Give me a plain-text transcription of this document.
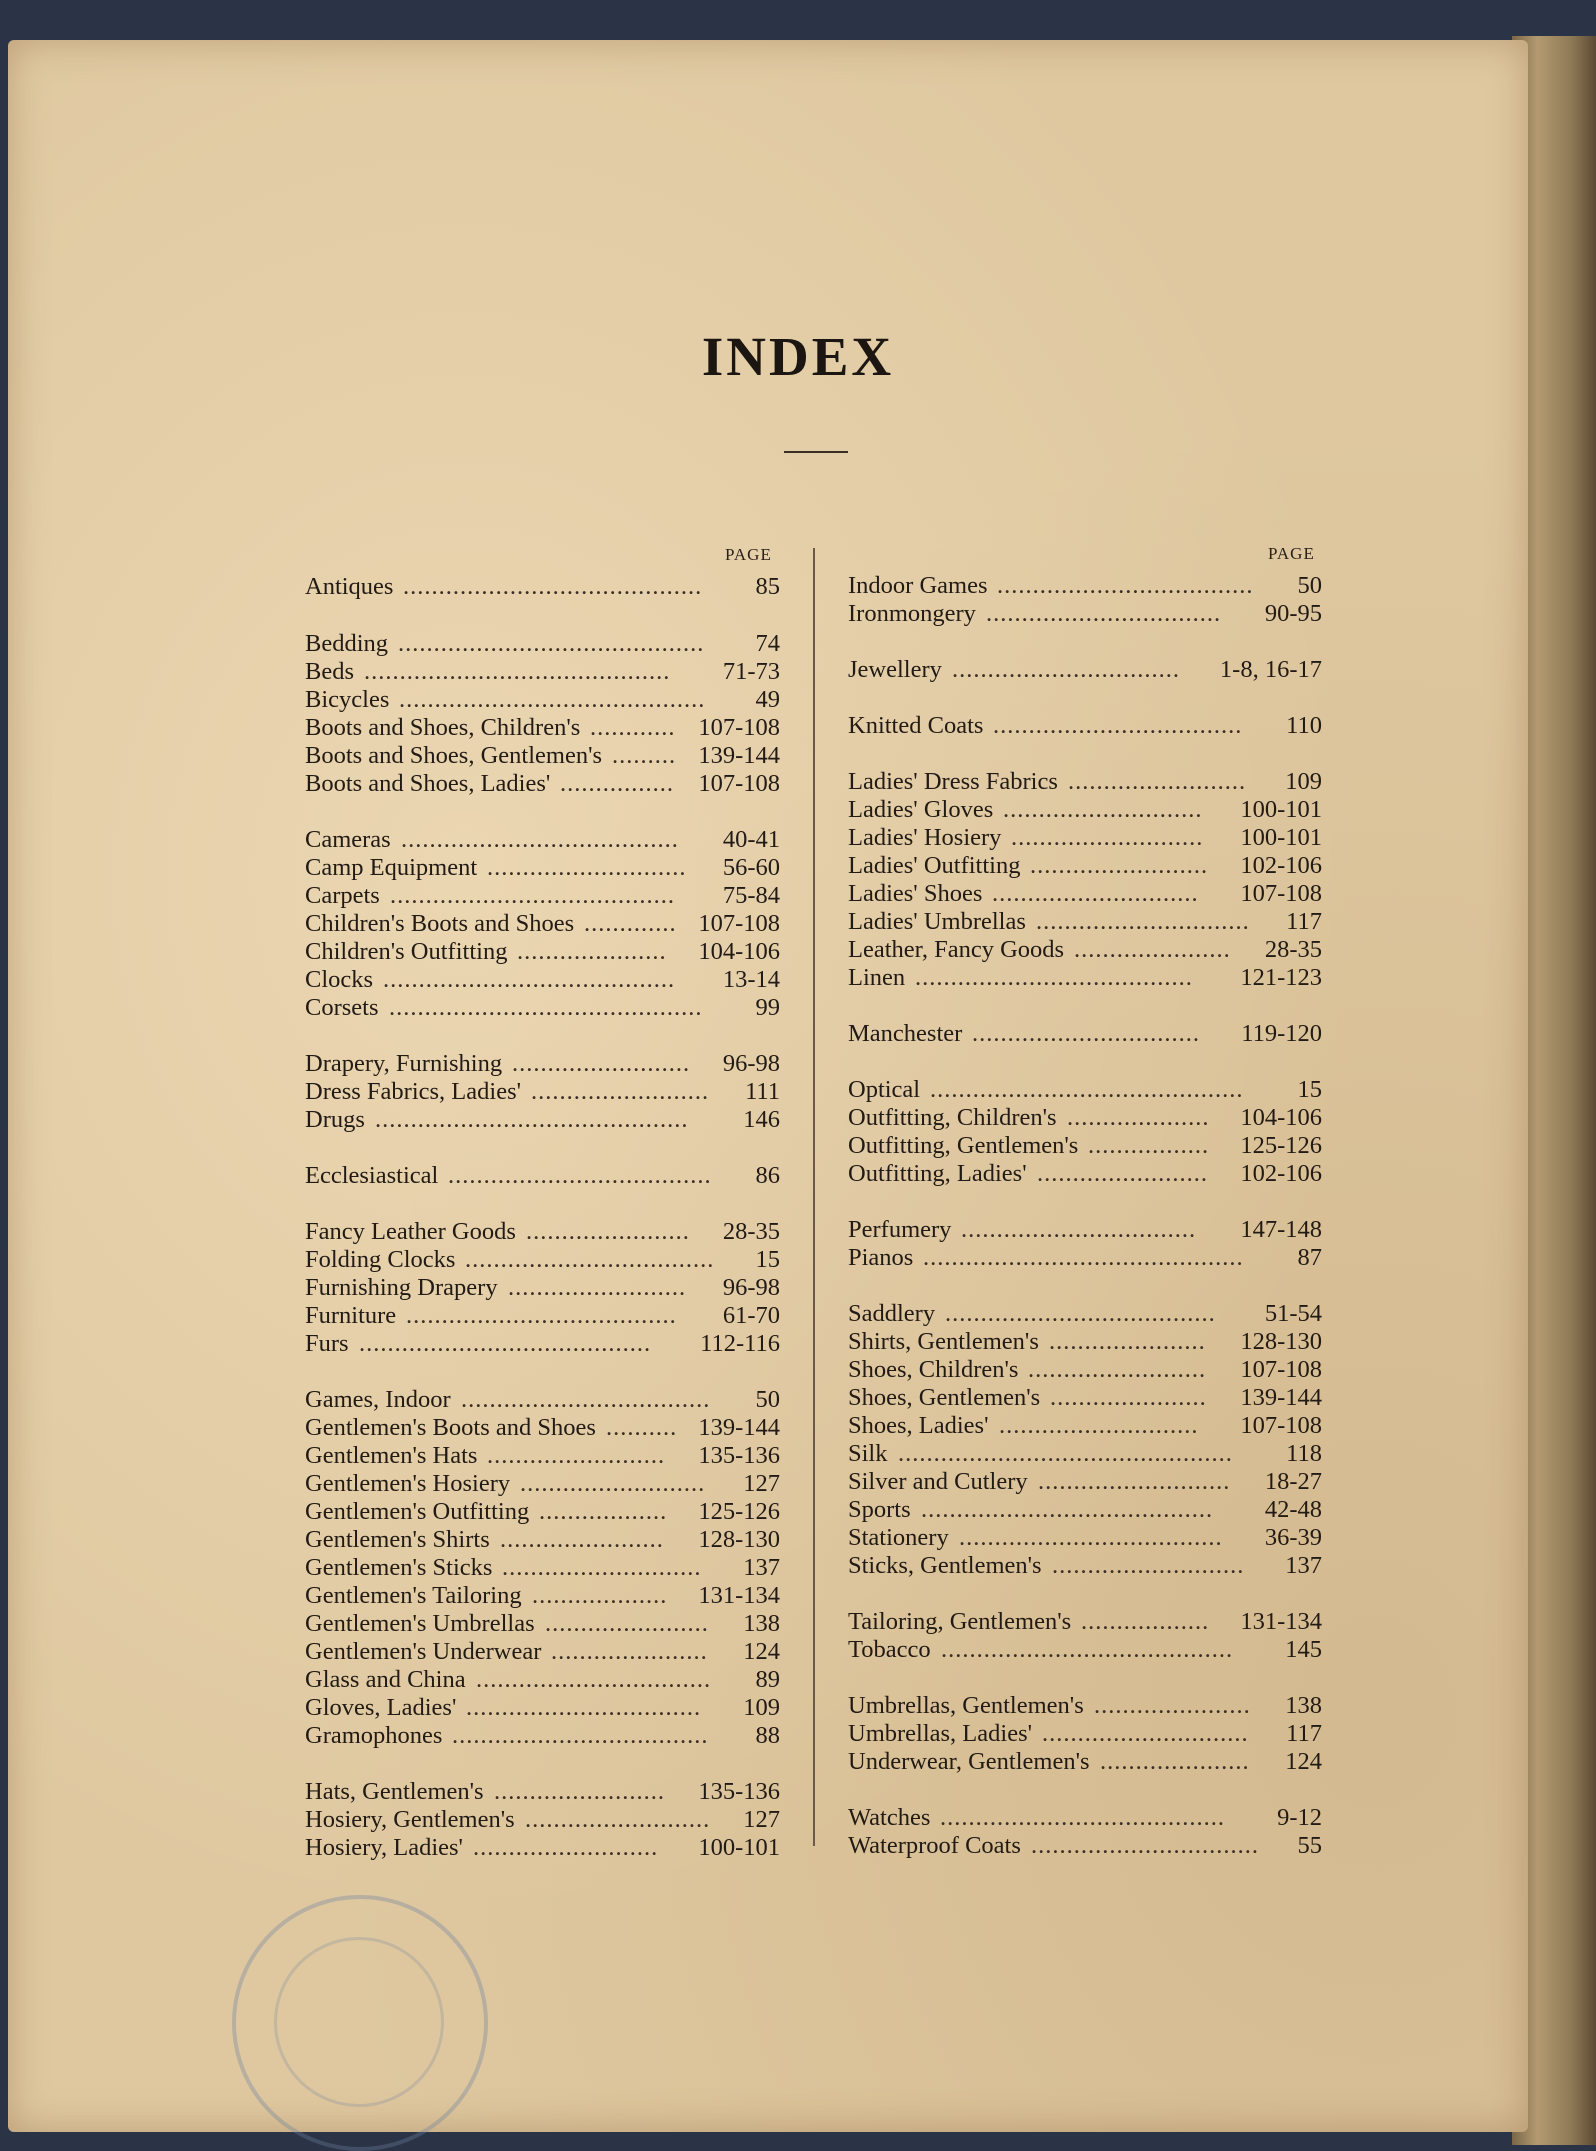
INDEX
PAGE	PAGE
Antiques	85
..........................................
Bedding	74
...........................................
Beds	71-73
...........................................
Bicycles	49
...........................................
Boots and Shoes, Children's	107-108
............
Boots and Shoes, Gentlemen's	139-144
.........
Boots and Shoes, Ladies'	107-108
................
Cameras	40-41
.......................................
Camp Equipment	56-60
............................
Carpets	75-84
........................................
Children's Boots and Shoes	107-108
.............
Children's Outfitting	104-106
.....................
Clocks	13-14
.........................................
Corsets	99
............................................
Drapery, Furnishing	96-98
.........................
Dress Fabrics, Ladies'	111
.........................
Drugs	146
............................................
Ecclesiastical	86
.....................................
Fancy Leather Goods	28-35
.......................
Folding Clocks	15
...................................
Furnishing Drapery	96-98
.........................
Furniture	61-70
......................................
Furs	112-116
.........................................
Games, Indoor	50
...................................
Gentlemen's Boots and Shoes	139-144
..........
Gentlemen's Hats	135-136
.........................
Gentlemen's Hosiery	127
..........................
Gentlemen's Outfitting	125-126
..................
Gentlemen's Shirts	128-130
.......................
Gentlemen's Sticks	137
............................
Gentlemen's Tailoring	131-134
...................
Gentlemen's Umbrellas	138
.......................
Gentlemen's Underwear	124
......................
Glass and China	89
.................................
Gloves, Ladies'	109
.................................
Gramophones	88
....................................
Hats, Gentlemen's	135-136
........................
Hosiery, Gentlemen's	127
..........................
Hosiery, Ladies'	100-101
..........................
Indoor Games	50
....................................
Ironmongery	90-95
.................................
Jewellery	1-8, 16-17
................................
Knitted Coats	110
...................................
Ladies' Dress Fabrics	109
.........................
Ladies' Gloves	100-101
............................
Ladies' Hosiery	100-101
...........................
Ladies' Outfitting	102-106
.........................
Ladies' Shoes	107-108
.............................
Ladies' Umbrellas	117
..............................
Leather, Fancy Goods	28-35
......................
Linen	121-123
.......................................
Manchester	119-120
................................
Optical	15
............................................
Outfitting, Children's	104-106
....................
Outfitting, Gentlemen's	125-126
.................
Outfitting, Ladies'	102-106
........................
Perfumery	147-148
.................................
Pianos	87
.............................................
Saddlery	51-54
......................................
Shirts, Gentlemen's	128-130
......................
Shoes, Children's	107-108
.........................
Shoes, Gentlemen's	139-144
......................
Shoes, Ladies'	107-108
............................
Silk	118
...............................................
Silver and Cutlery	18-27
...........................
Sports	42-48
.........................................
Stationery	36-39
.....................................
Sticks, Gentlemen's	137
...........................
Tailoring, Gentlemen's	131-134
..................
Tobacco	145
.........................................
Umbrellas, Gentlemen's	138
......................
Umbrellas, Ladies'	117
.............................
Underwear, Gentlemen's	124
.....................
Watches	9-12
........................................
Waterproof Coats	55
................................
